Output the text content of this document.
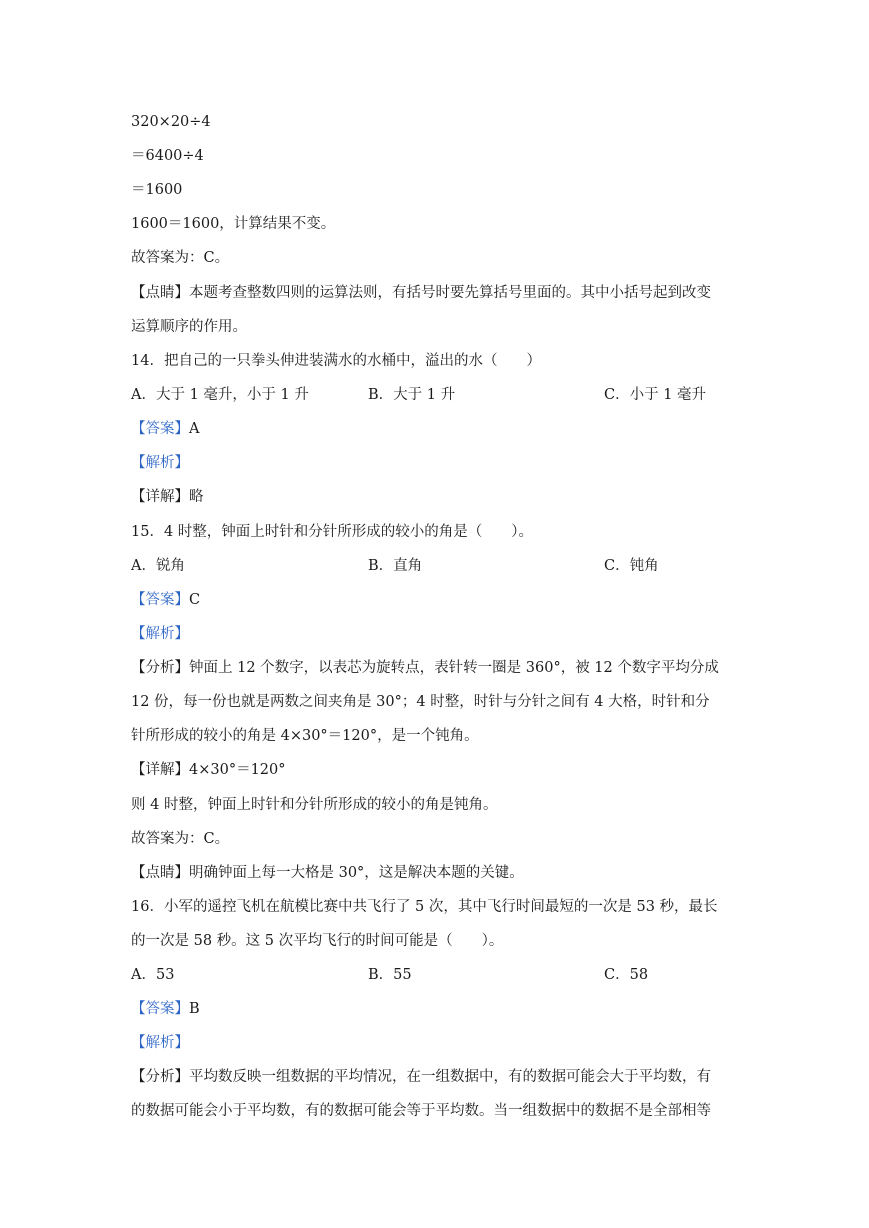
320×20÷4
＝6400÷4
＝1600
1600＝1600，计算结果不变。
故答案为：C。
【点睛】本题考查整数四则的运算法则，有括号时要先算括号里面的。其中小括号起到改变
运算顺序的作用。
14．把自己的一只拳头伸进装满水的水桶中，溢出的水（　　）
A．大于 1 毫升，小于 1 升	B．大于 1 升	C．小于 1 毫升
【答案】A
【解析】
【详解】略
15．4 时整，钟面上时针和分针所形成的较小的角是（　　）。
A．锐角	B．直角	C．钝角
【答案】C
【解析】
【分析】钟面上 12 个数字，以表芯为旋转点，表针转一圈是 360°，被 12 个数字平均分成
12 份，每一份也就是两数之间夹角是 30°；4 时整，时针与分针之间有 4 大格，时针和分
针所形成的较小的角是 4×30°＝120°，是一个钝角。
【详解】4×30°＝120°
则 4 时整，钟面上时针和分针所形成的较小的角是钝角。
故答案为：C。
【点睛】明确钟面上每一大格是 30°，这是解决本题的关键。
16．小军的遥控飞机在航模比赛中共飞行了 5 次，其中飞行时间最短的一次是 53 秒，最长
的一次是 58 秒。这 5 次平均飞行的时间可能是（　　）。
A．53	B．55	C．58
【答案】B
【解析】
【分析】平均数反映一组数据的平均情况，在一组数据中，有的数据可能会大于平均数，有
的数据可能会小于平均数，有的数据可能会等于平均数。当一组数据中的数据不是全部相等
